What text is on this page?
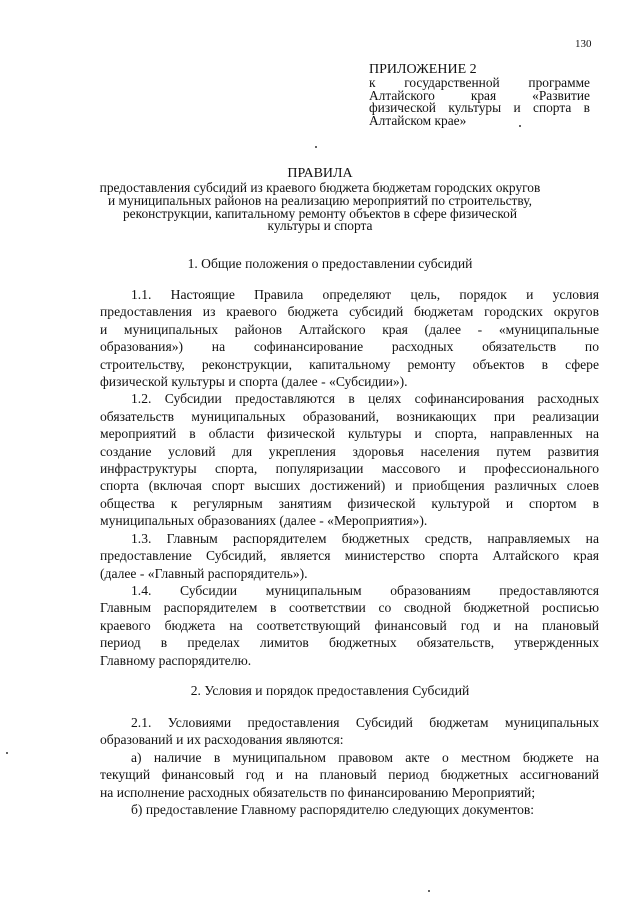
130
ПРИЛОЖЕНИЕ 2
к государственной программе
Алтайского края «Развитие
физической культуры и спорта в
Алтайском крае»
ПРАВИЛА
предоставления субсидий из краевого бюджета бюджетам городских округов
и муниципальных районов на реализацию мероприятий по строительству,
реконструкции, капитальному ремонту объектов в сфере физической
культуры и спорта
1. Общие положения о предоставлении субсидий
1.1. Настоящие Правила определяют цель, порядок и условия
предоставления из краевого бюджета субсидий бюджетам городских округов
и муниципальных районов Алтайского края (далее - «муниципальные
образования») на софинансирование расходных обязательств по
строительству, реконструкции, капитальному ремонту объектов в сфере
физической культуры и спорта (далее - «Субсидии»).
1.2. Субсидии предоставляются в целях софинансирования расходных
обязательств муниципальных образований, возникающих при реализации
мероприятий в области физической культуры и спорта, направленных на
создание условий для укрепления здоровья населения путем развития
инфраструктуры спорта, популяризации массового и профессионального
спорта (включая спорт высших достижений) и приобщения различных слоев
общества к регулярным занятиям физической культурой и спортом в
муниципальных образованиях (далее - «Мероприятия»).
1.3. Главным распорядителем бюджетных средств, направляемых на
предоставление Субсидий, является министерство спорта Алтайского края
(далее - «Главный распорядитель»).
1.4. Субсидии муниципальным образованиям предоставляются
Главным распорядителем в соответствии со сводной бюджетной росписью
краевого бюджета на соответствующий финансовый год и на плановый
период в пределах лимитов бюджетных обязательств, утвержденных
Главному распорядителю.
2. Условия и порядок предоставления Субсидий
2.1. Условиями предоставления Субсидий бюджетам муниципальных
образований и их расходования являются:
а) наличие в муниципальном правовом акте о местном бюджете на
текущий финансовый год и на плановый период бюджетных ассигнований
на исполнение расходных обязательств по финансированию Мероприятий;
б) предоставление Главному распорядителю следующих документов:
